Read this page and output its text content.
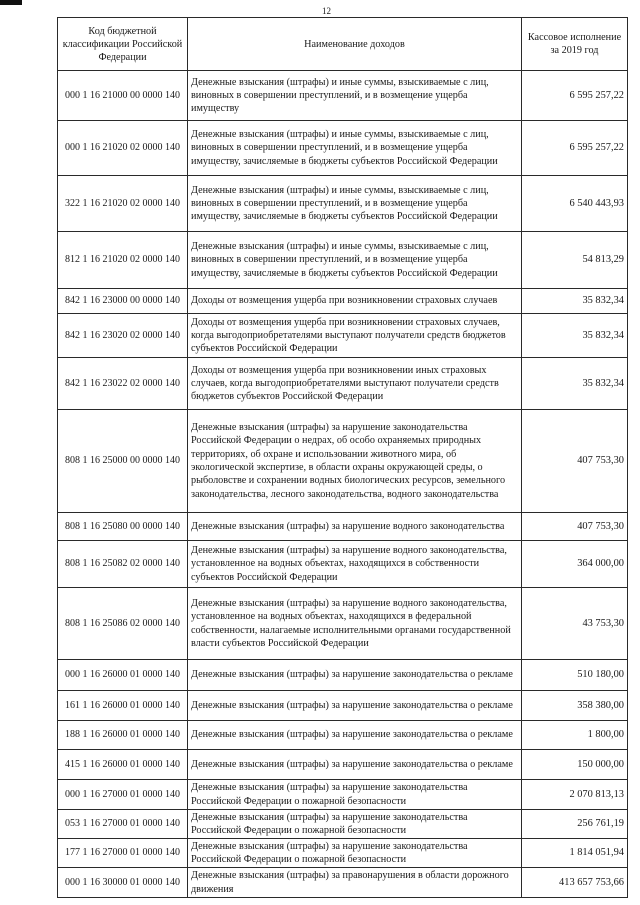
12
Код бюджетной классификации Российской Федерации	Наименование доходов	Кассовое исполнение за 2019 год
000 1 16 21000 00 0000 140	Денежные взыскания (штрафы) и иные суммы, взыскиваемые с лиц, виновных в совершении преступлений, и в возмещение ущерба имуществу	6 595 257,22
000 1 16 21020 02 0000 140	Денежные взыскания (штрафы) и иные суммы, взыскиваемые с лиц, виновных в совершении преступлений, и в возмещение ущерба имуществу, зачисляемые в бюджеты субъектов Российской Федерации	6 595 257,22
322 1 16 21020 02 0000 140	Денежные взыскания (штрафы) и иные суммы, взыскиваемые с лиц, виновных в совершении преступлений, и в возмещение ущерба имуществу, зачисляемые в бюджеты субъектов Российской Федерации	6 540 443,93
812 1 16 21020 02 0000 140	Денежные взыскания (штрафы) и иные суммы, взыскиваемые с лиц, виновных в совершении преступлений, и в возмещение ущерба имуществу, зачисляемые в бюджеты субъектов Российской Федерации	54 813,29
842 1 16 23000 00 0000 140	Доходы от возмещения ущерба при возникновении страховых случаев	35 832,34
842 1 16 23020 02 0000 140	Доходы от возмещения ущерба при возникновении страховых случаев, когда выгодоприобретателями выступают получатели средств бюджетов субъектов Российской Федерации	35 832,34
842 1 16 23022 02 0000 140	Доходы от возмещения ущерба при возникновении иных страховых случаев, когда выгодоприобретателями выступают получатели средств бюджетов субъектов Российской Федерации	35 832,34
808 1 16 25000 00 0000 140	Денежные взыскания (штрафы) за нарушение законодательства Российской Федерации о недрах, об особо охраняемых природных территориях, об охране и использовании животного мира, об экологической экспертизе, в области охраны окружающей среды, о рыболовстве и сохранении водных биологических ресурсов, земельного законодательства, лесного законодательства, водного законодательства	407 753,30
808 1 16 25080 00 0000 140	Денежные взыскания (штрафы) за нарушение водного законодательства	407 753,30
808 1 16 25082 02 0000 140	Денежные взыскания (штрафы) за нарушение водного законодательства, установленное на водных объектах, находящихся в собственности субъектов Российской Федерации	364 000,00
808 1 16 25086 02 0000 140	Денежные взыскания (штрафы) за нарушение водного законодательства, установленное на водных объектах, находящихся в федеральной собственности, налагаемые исполнительными органами государственной власти субъектов Российской Федерации	43 753,30
000 1 16 26000 01 0000 140	Денежные взыскания (штрафы) за нарушение законодательства о рекламе	510 180,00
161 1 16 26000 01 0000 140	Денежные взыскания (штрафы) за нарушение законодательства о рекламе	358 380,00
188 1 16 26000 01 0000 140	Денежные взыскания (штрафы) за нарушение законодательства о рекламе	1 800,00
415 1 16 26000 01 0000 140	Денежные взыскания (штрафы) за нарушение законодательства о рекламе	150 000,00
000 1 16 27000 01 0000 140	Денежные взыскания (штрафы) за нарушение законодательства Российской Федерации о пожарной безопасности	2 070 813,13
053 1 16 27000 01 0000 140	Денежные взыскания (штрафы) за нарушение законодательства Российской Федерации о пожарной безопасности	256 761,19
177 1 16 27000 01 0000 140	Денежные взыскания (штрафы) за нарушение законодательства Российской Федерации о пожарной безопасности	1 814 051,94
000 1 16 30000 01 0000 140	Денежные взыскания (штрафы) за правонарушения в области дорожного движения	413 657 753,66
